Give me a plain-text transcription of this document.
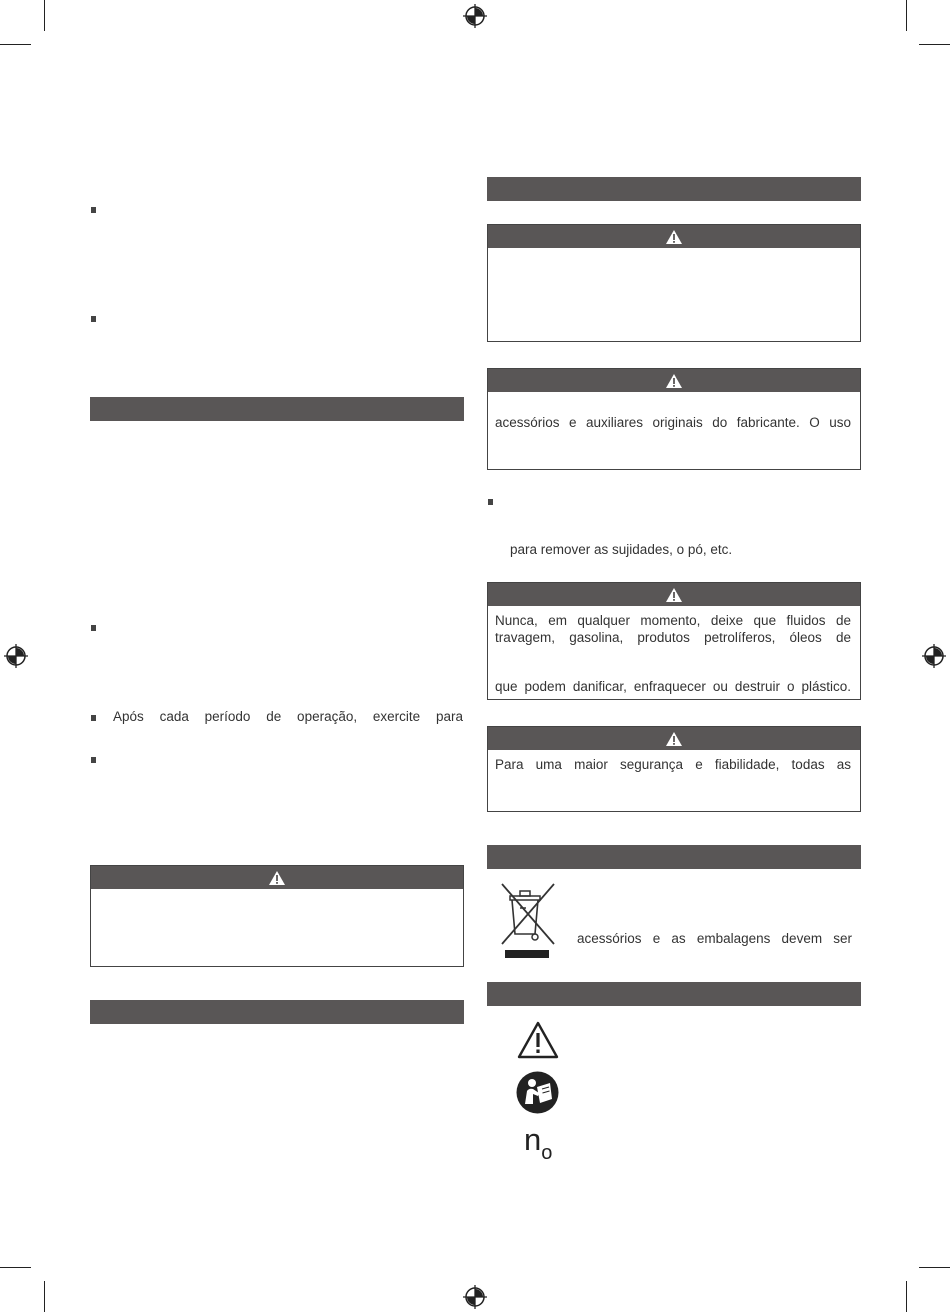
Após cada período de operação, exercite para
acessórios e auxiliares originais do fabricante. O uso
para remover as sujidades, o pó, etc.
Nunca, em qualquer momento, deixe que fluidos de
travagem, gasolina, produtos petrolíferos, óleos de
que podem danificar, enfraquecer ou destruir o plástico.
Para uma maior segurança e fiabilidade, todas as
acessórios e as embalagens devem ser
$n_o$
